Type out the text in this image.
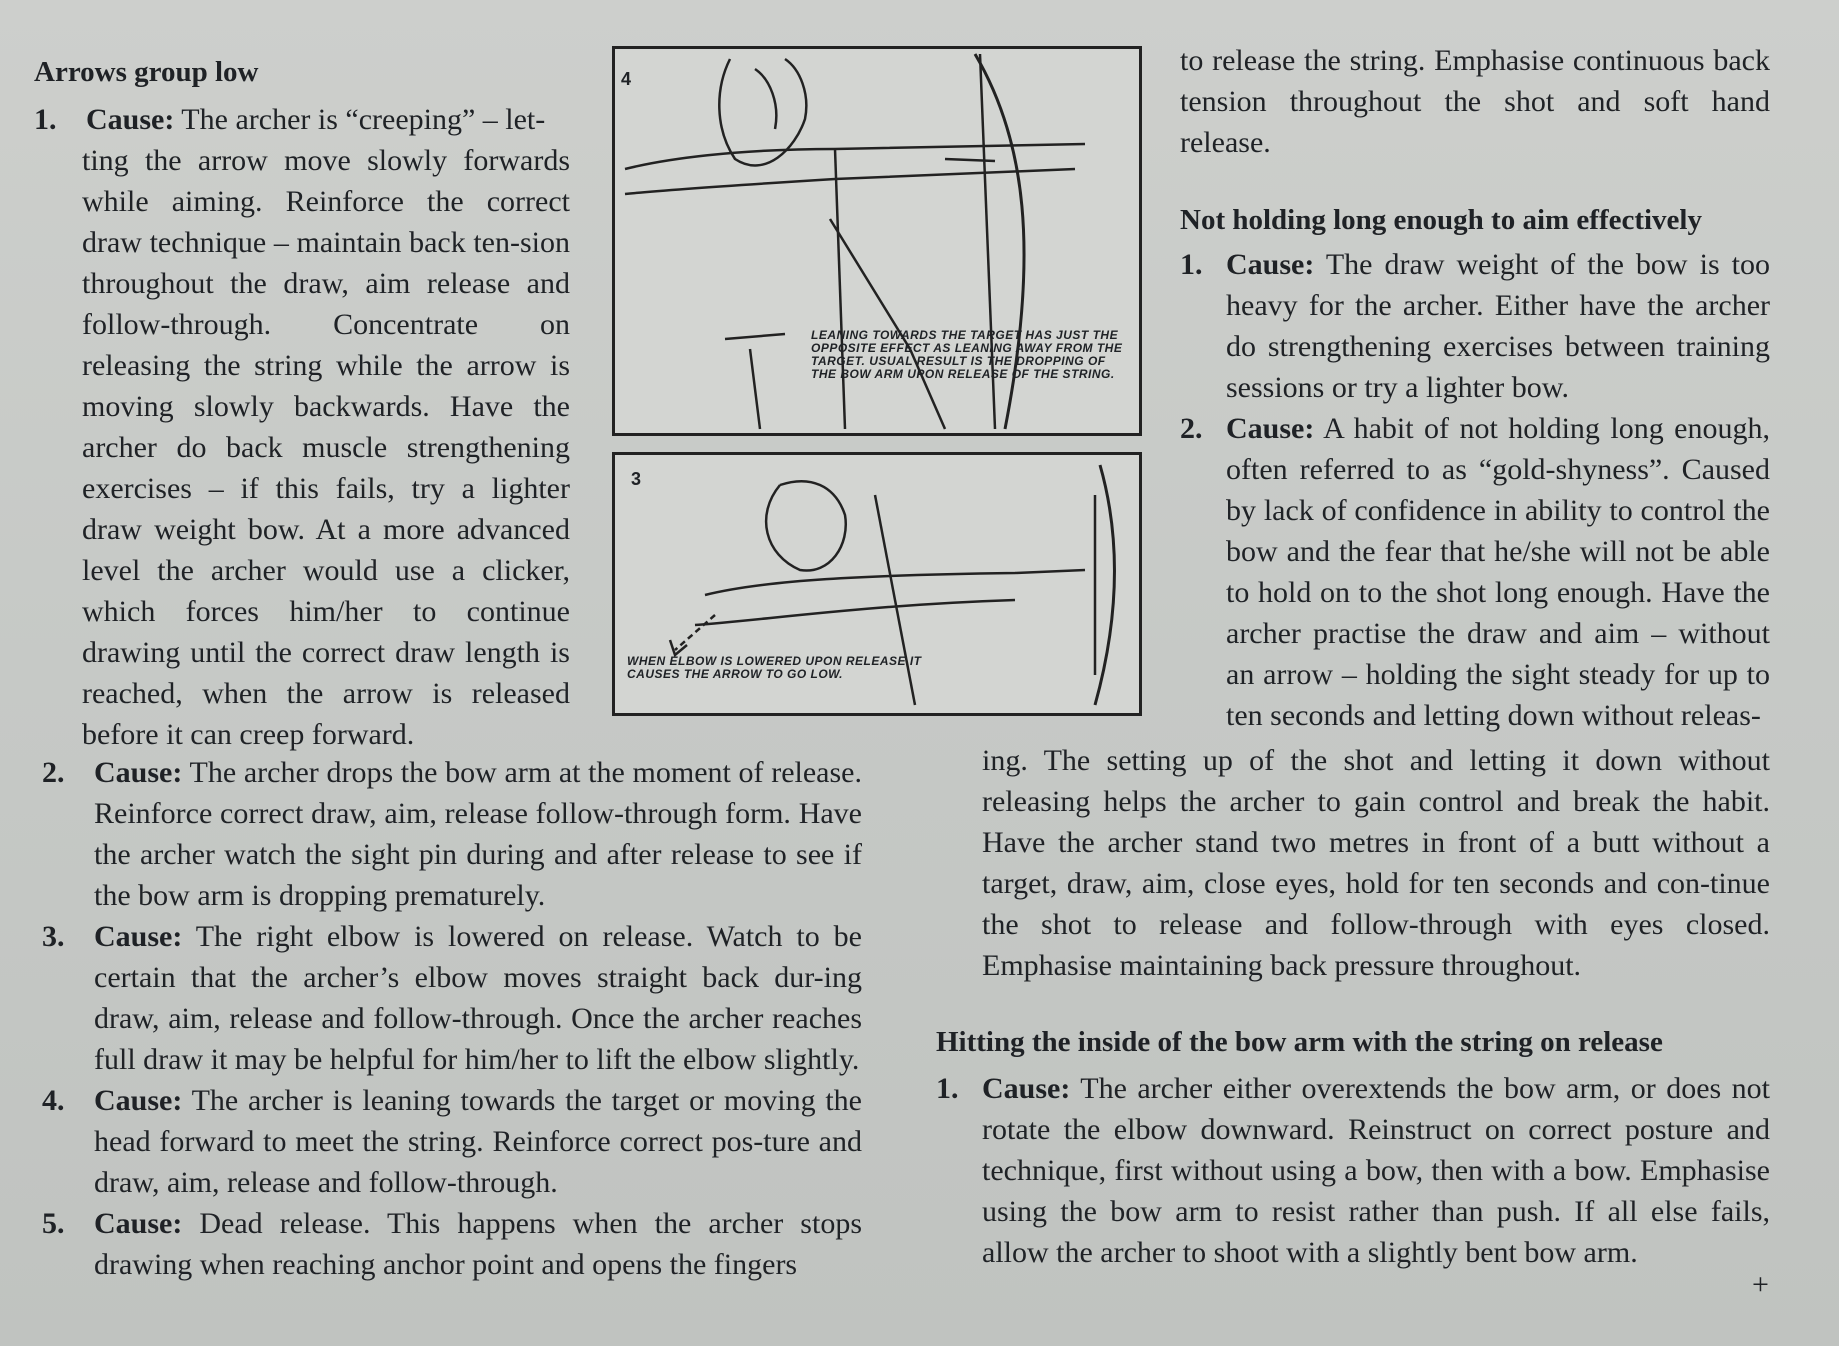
Arrows group low
1. Cause: The archer is “creeping” – let-
ting the arrow move slowly forwards while aiming. Reinforce the correct draw technique – maintain back ten-sion throughout the draw, aim release and follow-through. Concentrate on releasing the string while the arrow is moving slowly backwards. Have the archer do back muscle strengthening exercises – if this fails, try a lighter draw weight bow. At a more advanced level the archer would use a clicker, which forces him/her to continue drawing until the correct draw length is reached, when the arrow is released before it can creep forward.

2. Cause: The archer drops the bow arm at the moment of release. Reinforce correct draw, aim, release follow-through form. Have the archer watch the sight pin during and after release to see if the bow arm is dropping prematurely.

3. Cause: The right elbow is lowered on release. Watch to be certain that the archer’s elbow moves straight back dur-ing draw, aim, release and follow-through. Once the archer reaches full draw it may be helpful for him/her to lift the elbow slightly.

4. Cause: The archer is leaning towards the target or moving the head forward to meet the string. Reinforce correct pos-ture and draw, aim, release and follow-through.

5. Cause: Dead release. This happens when the archer stops drawing when reaching anchor point and opens the fingers

4
LEANING TOWARDS THE TARGET HAS JUST THE OPPOSITE EFFECT AS LEANING AWAY FROM THE TARGET. USUAL RESULT IS THE DROPPING OF THE BOW ARM UPON RELEASE OF THE STRING.
3
WHEN ELBOW IS LOWERED UPON RELEASE IT CAUSES THE ARROW TO GO LOW.
to release the string. Emphasise continuous back tension throughout the shot and soft hand release.
Not holding long enough to aim effectively

1. Cause: The draw weight of the bow is too heavy for the archer. Either have the archer do strengthening exercises between training sessions or try a lighter bow.

2. Cause: A habit of not holding long enough, often referred to as “gold-shyness”. Caused by lack of confidence in ability to control the bow and the fear that he/she will not be able to hold on to the shot long enough. Have the archer practise the draw and aim – without an arrow – holding the sight steady for up to ten seconds and letting down without releas-

ing. The setting up of the shot and letting it down without releasing helps the archer to gain control and break the habit. Have the archer stand two metres in front of a butt without a target, draw, aim, close eyes, hold for ten seconds and con-tinue the shot to release and follow-through with eyes closed. Emphasise maintaining back pressure throughout.
Hitting the inside of the bow arm with the string on release

1. Cause: The archer either overextends the bow arm, or does not rotate the elbow downward. Reinstruct on correct posture and technique, first without using a bow, then with a bow. Emphasise using the bow arm to resist rather than push. If all else fails, allow the archer to shoot with a slightly bent bow arm.

+
